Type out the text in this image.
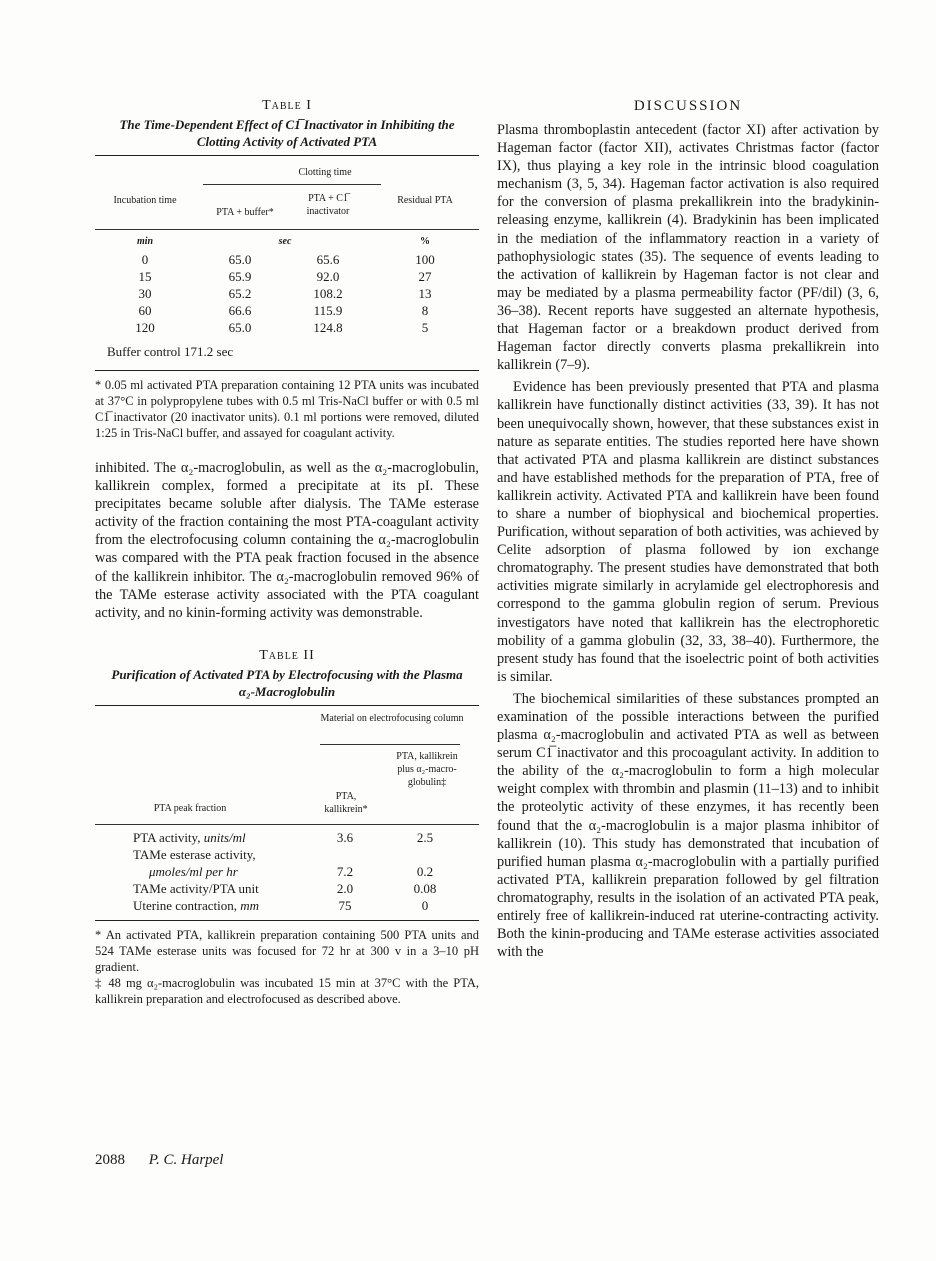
Table I
The Time-Dependent Effect of C1̅ Inactivator in Inhibiting the Clotting Activity of Activated PTA
Clotting time
Incubation time
PTA + buffer*
PTA + C1̅ inactivator
Residual PTA
min	sec	%
0	65.0	65.6	100
15	65.9	92.0	27
30	65.2	108.2	13
60	66.6	115.9	8
120	65.0	124.8	5
Buffer control 171.2 sec

* 0.05 ml activated PTA preparation containing 12 PTA units was incubated at 37°C in polypropylene tubes with 0.5 ml Tris-NaCl buffer or with 0.5 ml C1̅ inactivator (20 inactivator units). 0.1 ml portions were removed, diluted 1:25 in Tris-NaCl buffer, and assayed for coagulant activity.

inhibited. The α₂-macroglobulin, as well as the α₂-macroglobulin, kallikrein complex, formed a precipitate at its pI. These precipitates became soluble after dialysis. The TAMe esterase activity of the fraction containing the most PTA-coagulant activity from the electrofocusing column containing the α₂-macroglobulin was compared with the PTA peak fraction focused in the absence of the kallikrein inhibitor. The α₂-macroglobulin removed 96% of the TAMe esterase activity associated with the PTA coagulant activity, and no kinin-forming activity was demonstrable.

Table II
Purification of Activated PTA by Electrofocusing with the Plasma α₂-Macroglobulin
Material on electrofocusing column
PTA peak fraction
PTA, kallikrein*
PTA, kallikrein plus α₂-macro-globulin‡
PTA activity, units/ml	3.6	2.5
TAMe esterase activity,
μmoles/ml per hr	7.2	0.2
TAMe activity/PTA unit	2.0	0.08
Uterine contraction, mm	75	0

* An activated PTA, kallikrein preparation containing 500 PTA units and 524 TAMe esterase units was focused for 72 hr at 300 v in a 3–10 pH gradient.

‡ 48 mg α₂-macroglobulin was incubated 15 min at 37°C with the PTA, kallikrein preparation and electrofocused as described above.

DISCUSSION

Plasma thromboplastin antecedent (factor XI) after activation by Hageman factor (factor XII), activates Christmas factor (factor IX), thus playing a key role in the intrinsic blood coagulation mechanism (3, 5, 34). Hageman factor activation is also required for the conversion of plasma prekallikrein into the bradykinin-releasing enzyme, kallikrein (4). Bradykinin has been implicated in the mediation of the inflammatory reaction in a variety of pathophysiologic states (35). The sequence of events leading to the activation of kallikrein by Hageman factor is not clear and may be mediated by a plasma permeability factor (PF/dil) (3, 6, 36–38). Recent reports have suggested an alternate hypothesis, that Hageman factor or a breakdown product derived from Hageman factor directly converts plasma prekallikrein into kallikrein (7–9).

Evidence has been previously presented that PTA and plasma kallikrein have functionally distinct activities (33, 39). It has not been unequivocally shown, however, that these substances exist in nature as separate entities. The studies reported here have shown that activated PTA and plasma kallikrein are distinct substances and have established methods for the preparation of PTA, free of kallikrein activity. Activated PTA and kallikrein have been found to share a number of biophysical and biochemical properties. Purification, without separation of both activities, was achieved by Celite adsorption of plasma followed by ion exchange chromatography. The present studies have demonstrated that both activities migrate similarly in acrylamide gel electrophoresis and correspond to the gamma globulin region of serum. Previous investigators have noted that kallikrein has the electrophoretic mobility of a gamma globulin (32, 33, 38–40). Furthermore, the present study has found that the isoelectric point of both activities is similar.

The biochemical similarities of these substances prompted an examination of the possible interactions between the purified plasma α₂-macroglobulin and activated PTA as well as between serum C1̅ inactivator and this procoagulant activity. In addition to the ability of the α₂-macroglobulin to form a high molecular weight complex with thrombin and plasmin (11–13) and to inhibit the proteolytic activity of these enzymes, it has recently been found that the α₂-macroglobulin is a major plasma inhibitor of kallikrein (10). This study has demonstrated that incubation of purified human plasma α₂-macroglobulin with a partially purified activated PTA, kallikrein preparation followed by gel filtration chromatography, results in the isolation of an activated PTA peak, entirely free of kallikrein-induced rat uterine-contracting activity. Both the kinin-producing and TAMe esterase activities associated with the

2088 P. C. Harpel
